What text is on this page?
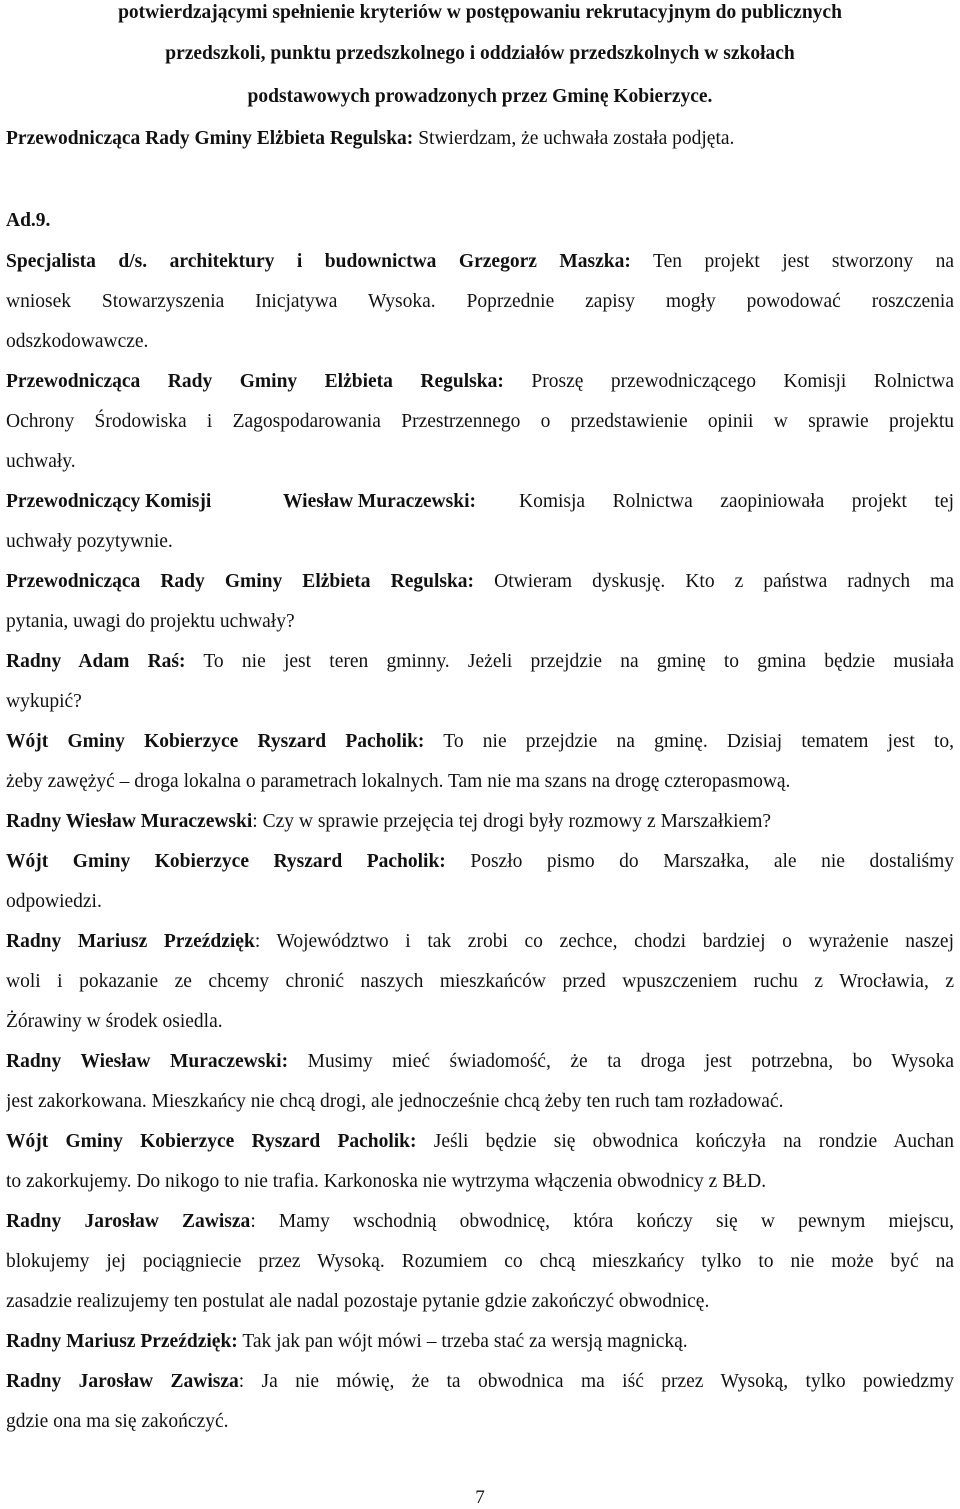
potwierdzającymi spełnienie kryteriów w postępowaniu rekrutacyjnym do publicznych
przedszkoli, punktu przedszkolnego i oddziałów przedszkolnych w szkołach
podstawowych prowadzonych przez Gminę Kobierzyce.
Przewodnicząca Rady Gminy Elżbieta Regulska: Stwierdzam, że uchwała została podjęta.
Ad.9.
Specjalista d/s. architektury i budownictwa Grzegorz Maszka: Ten projekt jest stworzony na
wniosek Stowarzyszenia Inicjatywa Wysoka. Poprzednie zapisy mogły powodować roszczenia
odszkodowawcze.
Przewodnicząca Rady Gminy Elżbieta Regulska: Proszę przewodniczącego Komisji Rolnictwa
Ochrony Środowiska i Zagospodarowania Przestrzennego o przedstawienie opinii w sprawie projektu
uchwały.
Przewodniczący Komisji	Wiesław Muraczewski: Komisja Rolnictwa zaopiniowała projekt tej
uchwały pozytywnie.
Przewodnicząca Rady Gminy Elżbieta Regulska: Otwieram dyskusję. Kto z państwa radnych ma
pytania, uwagi do projektu uchwały?
Radny Adam Raś: To nie jest teren gminny. Jeżeli przejdzie na gminę to gmina będzie musiała
wykupić?
Wójt Gminy Kobierzyce Ryszard Pacholik: To nie przejdzie na gminę. Dzisiaj tematem jest to,
żeby zawężyć – droga lokalna o parametrach lokalnych. Tam nie ma szans na drogę czteropasmową.
Radny Wiesław Muraczewski: Czy w sprawie przejęcia tej drogi były rozmowy z Marszałkiem?
Wójt Gminy Kobierzyce Ryszard Pacholik: Poszło pismo do Marszałka, ale nie dostaliśmy
odpowiedzi.
Radny Mariusz Przeździęk: Województwo i tak zrobi co zechce, chodzi bardziej o wyrażenie naszej
woli i pokazanie ze chcemy chronić naszych mieszkańców przed wpuszczeniem ruchu z Wrocławia, z
Żórawiny w środek osiedla.
Radny Wiesław Muraczewski: Musimy mieć świadomość, że ta droga jest potrzebna, bo Wysoka
jest zakorkowana. Mieszkańcy nie chcą drogi, ale jednocześnie chcą żeby ten ruch tam rozładować.
Wójt Gminy Kobierzyce Ryszard Pacholik: Jeśli będzie się obwodnica kończyła na rondzie Auchan
to zakorkujemy. Do nikogo to nie trafia. Karkonoska nie wytrzyma włączenia obwodnicy z BŁD.
Radny Jarosław Zawisza: Mamy wschodnią obwodnicę, która kończy się w pewnym miejscu,
blokujemy jej pociągniecie przez Wysoką. Rozumiem co chcą mieszkańcy tylko to nie może być na
zasadzie realizujemy ten postulat ale nadal pozostaje pytanie gdzie zakończyć obwodnicę.
Radny Mariusz Przeździęk: Tak jak pan wójt mówi – trzeba stać za wersją magnicką.
Radny Jarosław Zawisza: Ja nie mówię, że ta obwodnica ma iść przez Wysoką, tylko powiedzmy
gdzie ona ma się zakończyć.
7
